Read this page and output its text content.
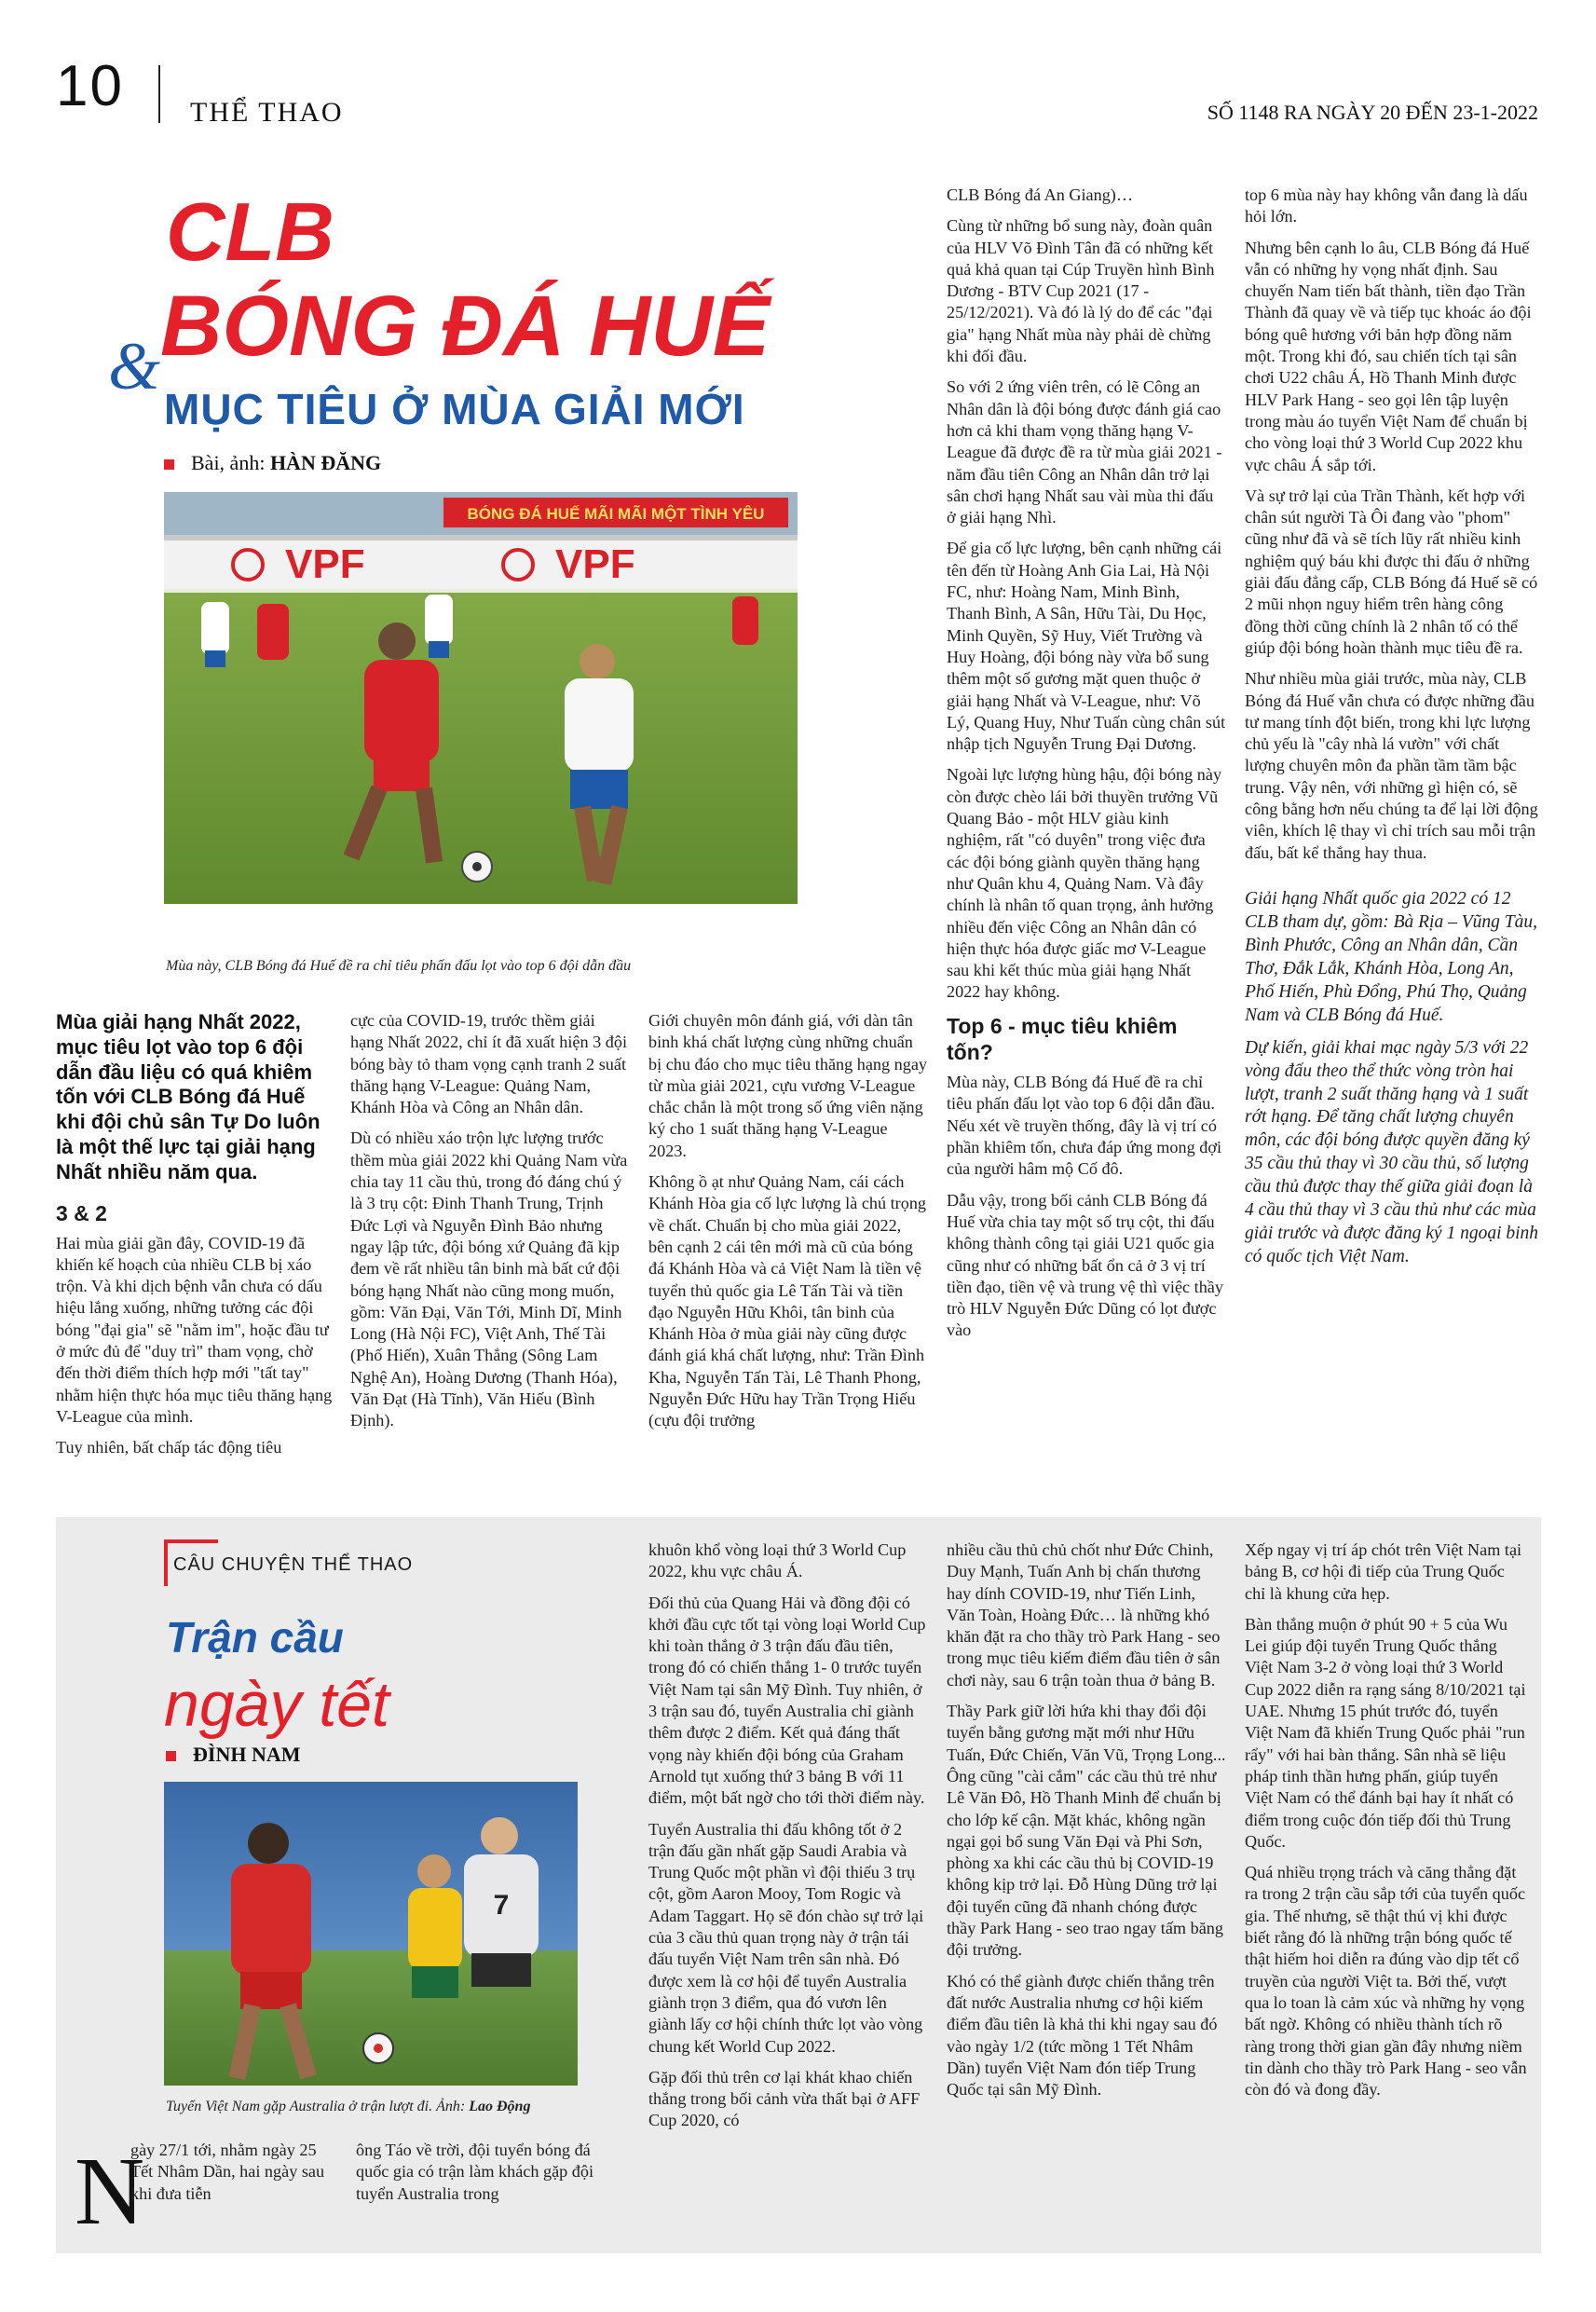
10 THỂ THAO	SỐ 1148 RA NGÀY 20 ĐẾN 23-1-2022
CLB
BÓNG ĐÁ HUẾ
&
MỤC TIÊU Ở MÙA GIẢI MỚI
Bài, ảnh: HÀN ĐĂNG
BÓNG ĐÁ HUẾ MÃI MÃI MỘT TÌNH YÊU
VPF	VPF
Mùa này, CLB Bóng đá Huế đề ra chỉ tiêu phấn đấu lọt vào top 6 đội dẫn đầu

Mùa giải hạng Nhất 2022, mục tiêu lọt vào top 6 đội dẫn đầu liệu có quá khiêm tốn với CLB Bóng đá Huế khi đội chủ sân Tự Do luôn là một thế lực tại giải hạng Nhất nhiều năm qua.

3 & 2

Hai mùa giải gần đây, COVID-19 đã khiến kế hoạch của nhiều CLB bị xáo trộn. Và khi dịch bệnh vẫn chưa có dấu hiệu lắng xuống, những tưởng các đội bóng "đại gia" sẽ "nằm im", hoặc đầu tư ở mức đủ để "duy trì" tham vọng, chờ đến thời điểm thích hợp mới "tất tay" nhằm hiện thực hóa mục tiêu thăng hạng V-League của mình.

Tuy nhiên, bất chấp tác động tiêu

cực của COVID-19, trước thềm giải hạng Nhất 2022, chỉ ít đã xuất hiện 3 đội bóng bày tỏ tham vọng cạnh tranh 2 suất thăng hạng V-League: Quảng Nam, Khánh Hòa và Công an Nhân dân.

Dù có nhiều xáo trộn lực lượng trước thềm mùa giải 2022 khi Quảng Nam vừa chia tay 11 cầu thủ, trong đó đáng chú ý là 3 trụ cột: Đinh Thanh Trung, Trịnh Đức Lợi và Nguyễn Đình Bảo nhưng ngay lập tức, đội bóng xứ Quảng đã kịp đem về rất nhiều tân binh mà bất cứ đội bóng hạng Nhất nào cũng mong muốn, gồm: Văn Đại, Văn Tới, Minh Dĩ, Minh Long (Hà Nội FC), Việt Anh, Thế Tài (Phố Hiến), Xuân Thắng (Sông Lam Nghệ An), Hoàng Dương (Thanh Hóa), Văn Đạt (Hà Tĩnh), Văn Hiếu (Bình Định).

Giới chuyên môn đánh giá, với dàn tân binh khá chất lượng cùng những chuẩn bị chu đáo cho mục tiêu thăng hạng ngay từ mùa giải 2021, cựu vương V-League chắc chắn là một trong số ứng viên nặng ký cho 1 suất thăng hạng V-League 2023.

Không ồ ạt như Quảng Nam, cái cách Khánh Hòa gia cố lực lượng là chú trọng về chất. Chuẩn bị cho mùa giải 2022, bên cạnh 2 cái tên mới mà cũ của bóng đá Khánh Hòa và cả Việt Nam là tiền vệ tuyển thủ quốc gia Lê Tấn Tài và tiền đạo Nguyễn Hữu Khôi, tân binh của Khánh Hòa ở mùa giải này cũng được đánh giá khá chất lượng, như: Trần Đình Kha, Nguyễn Tấn Tài, Lê Thanh Phong, Nguyễn Đức Hữu hay Trần Trọng Hiếu (cựu đội trưởng

CLB Bóng đá An Giang)…

Cùng từ những bổ sung này, đoàn quân của HLV Võ Đình Tân đã có những kết quả khả quan tại Cúp Truyền hình Bình Dương - BTV Cup 2021 (17 - 25/12/2021). Và đó là lý do để các "đại gia" hạng Nhất mùa này phải dè chừng khi đối đầu.

So với 2 ứng viên trên, có lẽ Công an Nhân dân là đội bóng được đánh giá cao hơn cả khi tham vọng thăng hạng V-League đã được đề ra từ mùa giải 2021 - năm đầu tiên Công an Nhân dân trở lại sân chơi hạng Nhất sau vài mùa thi đấu ở giải hạng Nhì.

Để gia cố lực lượng, bên cạnh những cái tên đến từ Hoàng Anh Gia Lai, Hà Nội FC, như: Hoàng Nam, Minh Bình, Thanh Bình, A Sân, Hữu Tài, Du Học, Minh Quyền, Sỹ Huy, Viết Trường và Huy Hoàng, đội bóng này vừa bổ sung thêm một số gương mặt quen thuộc ở giải hạng Nhất và V-League, như: Võ Lý, Quang Huy, Như Tuấn cùng chân sút nhập tịch Nguyễn Trung Đại Dương.

Ngoài lực lượng hùng hậu, đội bóng này còn được chèo lái bởi thuyền trưởng Vũ Quang Bảo - một HLV giàu kinh nghiệm, rất "có duyên" trong việc đưa các đội bóng giành quyền thăng hạng như Quân khu 4, Quảng Nam. Và đây chính là nhân tố quan trọng, ảnh hưởng nhiều đến việc Công an Nhân dân có hiện thực hóa được giấc mơ V-League sau khi kết thúc mùa giải hạng Nhất 2022 hay không.

Top 6 - mục tiêu khiêm tốn?

Mùa này, CLB Bóng đá Huế đề ra chỉ tiêu phấn đấu lọt vào top 6 đội dẫn đầu. Nếu xét về truyền thống, đây là vị trí có phần khiêm tốn, chưa đáp ứng mong đợi của người hâm mộ Cố đô.

Dẫu vậy, trong bối cảnh CLB Bóng đá Huế vừa chia tay một số trụ cột, thi đấu không thành công tại giải U21 quốc gia cũng như có những bất ổn cả ở 3 vị trí tiền đạo, tiền vệ và trung vệ thì việc thầy trò HLV Nguyễn Đức Dũng có lọt được vào

top 6 mùa này hay không vẫn đang là dấu hỏi lớn.

Nhưng bên cạnh lo âu, CLB Bóng đá Huế vẫn có những hy vọng nhất định. Sau chuyến Nam tiến bất thành, tiền đạo Trần Thành đã quay về và tiếp tục khoác áo đội bóng quê hương với bản hợp đồng năm một. Trong khi đó, sau chiến tích tại sân chơi U22 châu Á, Hồ Thanh Minh được HLV Park Hang - seo gọi lên tập luyện trong màu áo tuyển Việt Nam để chuẩn bị cho vòng loại thứ 3 World Cup 2022 khu vực châu Á sắp tới.

Và sự trở lại của Trần Thành, kết hợp với chân sút người Tà Ôi đang vào "phom" cũng như đã và sẽ tích lũy rất nhiều kinh nghiệm quý báu khi được thi đấu ở những giải đấu đẳng cấp, CLB Bóng đá Huế sẽ có 2 mũi nhọn nguy hiểm trên hàng công đồng thời cũng chính là 2 nhân tố có thể giúp đội bóng hoàn thành mục tiêu đề ra.

Như nhiều mùa giải trước, mùa này, CLB Bóng đá Huế vẫn chưa có được những đầu tư mang tính đột biến, trong khi lực lượng chủ yếu là "cây nhà lá vườn" với chất lượng chuyên môn đa phần tầm tầm bậc trung. Vậy nên, với những gì hiện có, sẽ công bằng hơn nếu chúng ta để lại lời động viên, khích lệ thay vì chỉ trích sau mỗi trận đấu, bất kể thắng hay thua.

Giải hạng Nhất quốc gia 2022 có 12 CLB tham dự, gồm: Bà Rịa – Vũng Tàu, Bình Phước, Công an Nhân dân, Cần Thơ, Đắk Lắk, Khánh Hòa, Long An, Phố Hiến, Phù Đổng, Phú Thọ, Quảng Nam và CLB Bóng đá Huế.

Dự kiến, giải khai mạc ngày 5/3 với 22 vòng đấu theo thể thức vòng tròn hai lượt, tranh 2 suất thăng hạng và 1 suất rớt hạng. Để tăng chất lượng chuyên môn, các đội bóng được quyền đăng ký 35 cầu thủ thay vì 30 cầu thủ, số lượng cầu thủ được thay thế giữa giải đoạn là 4 cầu thủ thay vì 3 cầu thủ như các mùa giải trước và được đăng ký 1 ngoại binh có quốc tịch Việt Nam.

CÂU CHUYỆN THỂ THAO
Trận cầu
ngày tết
ĐÌNH NAM
7
Tuyển Việt Nam gặp Australia ở trận lượt đi. Ảnh: Lao Động
N

gày 27/1 tới, nhằm ngày 25 Tết Nhâm Dần, hai ngày sau khi đưa tiễn

ông Táo về trời, đội tuyển bóng đá quốc gia có trận làm khách gặp đội tuyển Australia trong

khuôn khổ vòng loại thứ 3 World Cup 2022, khu vực châu Á.

Đối thủ của Quang Hải và đồng đội có khởi đầu cực tốt tại vòng loại World Cup khi toàn thắng ở 3 trận đấu đầu tiên, trong đó có chiến thắng 1- 0 trước tuyển Việt Nam tại sân Mỹ Đình. Tuy nhiên, ở 3 trận sau đó, tuyển Australia chỉ giành thêm được 2 điểm. Kết quả đáng thất vọng này khiến đội bóng của Graham Arnold tụt xuống thứ 3 bảng B với 11 điểm, một bất ngờ cho tới thời điểm này.

Tuyển Australia thi đấu không tốt ở 2 trận đấu gần nhất gặp Saudi Arabia và Trung Quốc một phần vì đội thiếu 3 trụ cột, gồm Aaron Mooy, Tom Rogic và Adam Taggart. Họ sẽ đón chào sự trở lại của 3 cầu thủ quan trọng này ở trận tái đấu tuyển Việt Nam trên sân nhà. Đó được xem là cơ hội để tuyển Australia giành trọn 3 điểm, qua đó vươn lên giành lấy cơ hội chính thức lọt vào vòng chung kết World Cup 2022.

Gặp đối thủ trên cơ lại khát khao chiến thắng trong bối cảnh vừa thất bại ở AFF Cup 2020, có

nhiều cầu thủ chủ chốt như Đức Chinh, Duy Mạnh, Tuấn Anh bị chấn thương hay dính COVID-19, như Tiến Linh, Văn Toàn, Hoàng Đức… là những khó khăn đặt ra cho thầy trò Park Hang - seo trong mục tiêu kiếm điểm đầu tiên ở sân chơi này, sau 6 trận toàn thua ở bảng B.

Thầy Park giữ lời hứa khi thay đổi đội tuyển bằng gương mặt mới như Hữu Tuấn, Đức Chiến, Văn Vũ, Trọng Long... Ông cũng "cài cắm" các cầu thủ trẻ như Lê Văn Đô, Hồ Thanh Minh để chuẩn bị cho lớp kế cận. Mặt khác, không ngần ngại gọi bổ sung Văn Đại và Phi Sơn, phòng xa khi các cầu thủ bị COVID-19 không kịp trở lại. Đỗ Hùng Dũng trở lại đội tuyển cũng đã nhanh chóng được thầy Park Hang - seo trao ngay tấm băng đội trưởng.

Khó có thể giành được chiến thắng trên đất nước Australia nhưng cơ hội kiếm điểm đầu tiên là khả thi khi ngay sau đó vào ngày 1/2 (tức mồng 1 Tết Nhâm Dần) tuyển Việt Nam đón tiếp Trung Quốc tại sân Mỹ Đình.

Xếp ngay vị trí áp chót trên Việt Nam tại bảng B, cơ hội đi tiếp của Trung Quốc chỉ là khung cửa hẹp.

Bàn thắng muộn ở phút 90 + 5 của Wu Lei giúp đội tuyển Trung Quốc thắng Việt Nam 3-2 ở vòng loại thứ 3 World Cup 2022 diễn ra rạng sáng 8/10/2021 tại UAE. Nhưng 15 phút trước đó, tuyển Việt Nam đã khiến Trung Quốc phải "run rẩy" với hai bàn thắng. Sân nhà sẽ liệu pháp tinh thần hưng phấn, giúp tuyển Việt Nam có thể đánh bại hay ít nhất có điểm trong cuộc đón tiếp đối thủ Trung Quốc.

Quá nhiều trọng trách và căng thẳng đặt ra trong 2 trận cầu sắp tới của tuyển quốc gia. Thế nhưng, sẽ thật thú vị khi được biết rằng đó là những trận bóng quốc tế thật hiếm hoi diễn ra đúng vào dịp tết cổ truyền của người Việt ta. Bởi thế, vượt qua lo toan là cảm xúc và những hy vọng bất ngờ. Không có nhiều thành tích rõ ràng trong thời gian gần đây nhưng niềm tin dành cho thầy trò Park Hang - seo vẫn còn đó và đong đầy.
